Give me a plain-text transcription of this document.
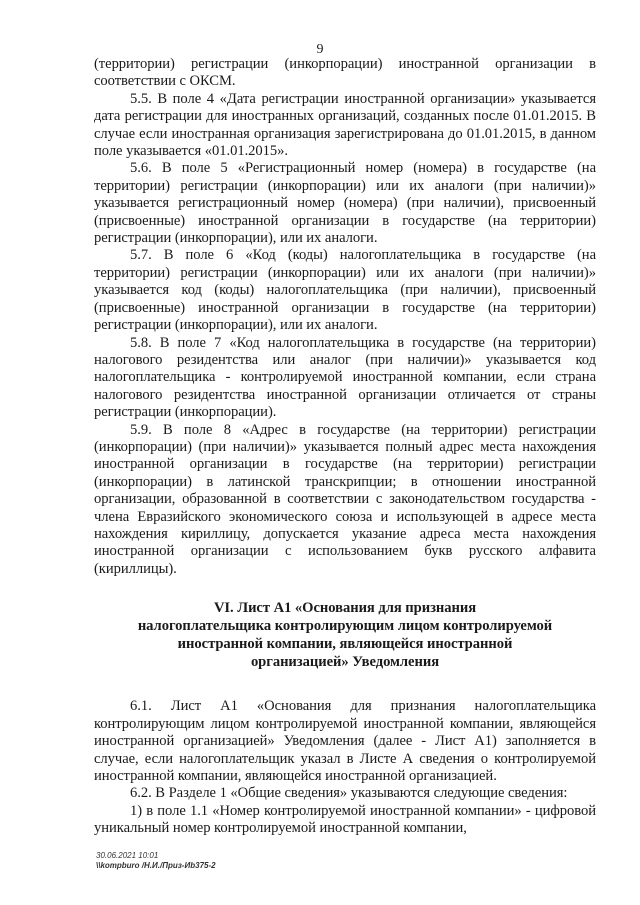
9

(территории) регистрации (инкорпорации) иностранной организации в соответствии с ОКСМ.

5.5. В поле 4 «Дата регистрации иностранной организации» указывается дата регистрации для иностранных организаций, созданных после 01.01.2015. В случае если иностранная организация зарегистрирована до 01.01.2015, в данном поле указывается «01.01.2015».

5.6. В поле 5 «Регистрационный номер (номера) в государстве (на территории) регистрации (инкорпорации) или их аналоги (при наличии)» указывается регистрационный номер (номера) (при наличии), присвоенный (присвоенные) иностранной организации в государстве (на территории) регистрации (инкорпорации), или их аналоги.

5.7. В поле 6 «Код (коды) налогоплательщика в государстве (на территории) регистрации (инкорпорации) или их аналоги (при наличии)» указывается код (коды) налогоплательщика (при наличии), присвоенный (присвоенные) иностранной организации в государстве (на территории) регистрации (инкорпорации), или их аналоги.

5.8. В поле 7 «Код налогоплательщика в государстве (на территории) налогового резидентства или аналог (при наличии)» указывается код налогоплательщика - контролируемой иностранной компании, если страна налогового резидентства иностранной организации отличается от страны регистрации (инкорпорации).

5.9. В поле 8 «Адрес в государстве (на территории) регистрации (инкорпорации) (при наличии)» указывается полный адрес места нахождения иностранной организации в государстве (на территории) регистрации (инкорпорации) в латинской транскрипции; в отношении иностранной организации, образованной в соответствии с законодательством государства - члена Евразийского экономического союза и использующей в адресе места нахождения кириллицу, допускается указание адреса места нахождения иностранной организации с использованием букв русского алфавита (кириллицы).

VI. Лист А1 «Основания для признания
налогоплательщика контролирующим лицом контролируемой
иностранной компании, являющейся иностранной
организацией» Уведомления

6.1. Лист А1 «Основания для признания налогоплательщика контролирующим лицом контролируемой иностранной компании, являющейся иностранной организацией» Уведомления (далее - Лист А1) заполняется в случае, если налогоплательщик указал в Листе А сведения о контролируемой иностранной компании, являющейся иностранной организацией.

6.2. В Разделе 1 «Общие сведения» указываются следующие сведения:

1) в поле 1.1 «Номер контролируемой иностранной компании» - цифровой уникальный номер контролируемой иностранной компании,

30.06.2021 10:01
\\kompburo /Н.И./Приз-Иb375-2
